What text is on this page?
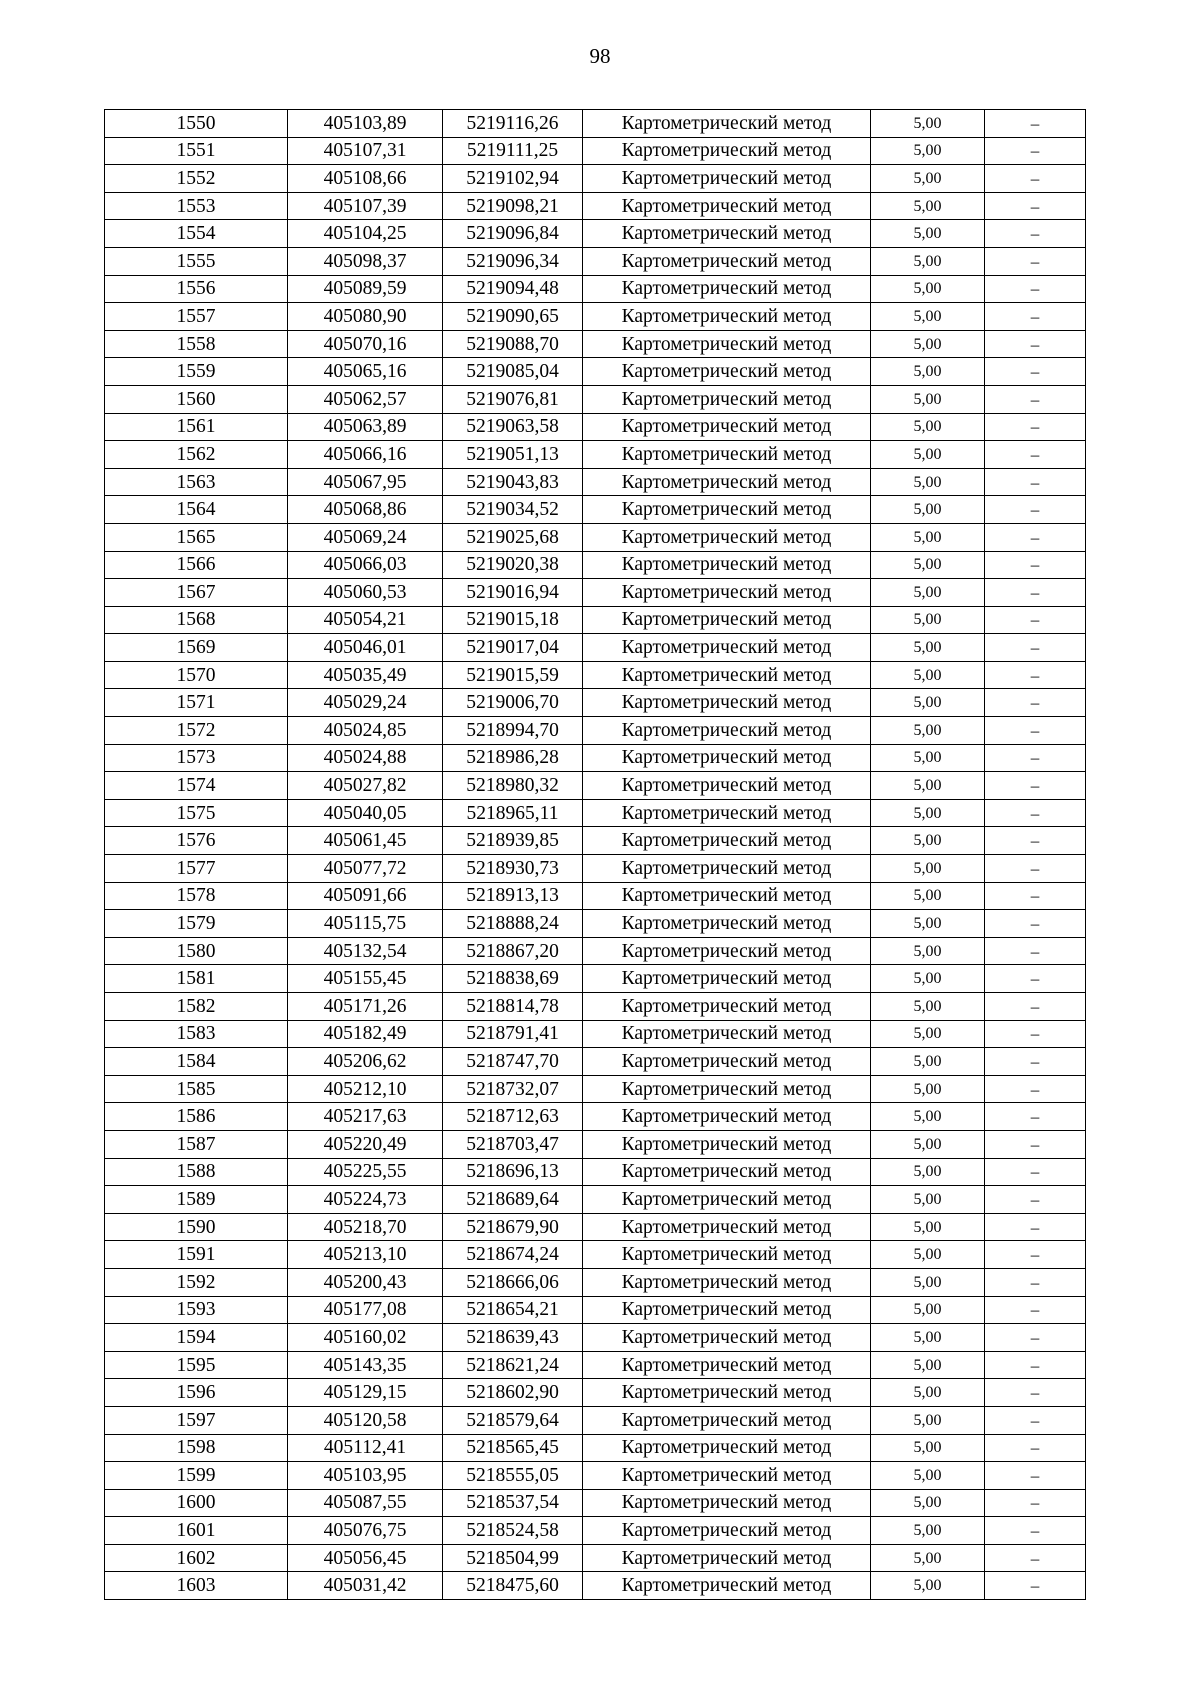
98
1550	405103,89	5219116,26	Картометрический метод	5,00	–
1551	405107,31	5219111,25	Картометрический метод	5,00	–
1552	405108,66	5219102,94	Картометрический метод	5,00	–
1553	405107,39	5219098,21	Картометрический метод	5,00	–
1554	405104,25	5219096,84	Картометрический метод	5,00	–
1555	405098,37	5219096,34	Картометрический метод	5,00	–
1556	405089,59	5219094,48	Картометрический метод	5,00	–
1557	405080,90	5219090,65	Картометрический метод	5,00	–
1558	405070,16	5219088,70	Картометрический метод	5,00	–
1559	405065,16	5219085,04	Картометрический метод	5,00	–
1560	405062,57	5219076,81	Картометрический метод	5,00	–
1561	405063,89	5219063,58	Картометрический метод	5,00	–
1562	405066,16	5219051,13	Картометрический метод	5,00	–
1563	405067,95	5219043,83	Картометрический метод	5,00	–
1564	405068,86	5219034,52	Картометрический метод	5,00	–
1565	405069,24	5219025,68	Картометрический метод	5,00	–
1566	405066,03	5219020,38	Картометрический метод	5,00	–
1567	405060,53	5219016,94	Картометрический метод	5,00	–
1568	405054,21	5219015,18	Картометрический метод	5,00	–
1569	405046,01	5219017,04	Картометрический метод	5,00	–
1570	405035,49	5219015,59	Картометрический метод	5,00	–
1571	405029,24	5219006,70	Картометрический метод	5,00	–
1572	405024,85	5218994,70	Картометрический метод	5,00	–
1573	405024,88	5218986,28	Картометрический метод	5,00	–
1574	405027,82	5218980,32	Картометрический метод	5,00	–
1575	405040,05	5218965,11	Картометрический метод	5,00	–
1576	405061,45	5218939,85	Картометрический метод	5,00	–
1577	405077,72	5218930,73	Картометрический метод	5,00	–
1578	405091,66	5218913,13	Картометрический метод	5,00	–
1579	405115,75	5218888,24	Картометрический метод	5,00	–
1580	405132,54	5218867,20	Картометрический метод	5,00	–
1581	405155,45	5218838,69	Картометрический метод	5,00	–
1582	405171,26	5218814,78	Картометрический метод	5,00	–
1583	405182,49	5218791,41	Картометрический метод	5,00	–
1584	405206,62	5218747,70	Картометрический метод	5,00	–
1585	405212,10	5218732,07	Картометрический метод	5,00	–
1586	405217,63	5218712,63	Картометрический метод	5,00	–
1587	405220,49	5218703,47	Картометрический метод	5,00	–
1588	405225,55	5218696,13	Картометрический метод	5,00	–
1589	405224,73	5218689,64	Картометрический метод	5,00	–
1590	405218,70	5218679,90	Картометрический метод	5,00	–
1591	405213,10	5218674,24	Картометрический метод	5,00	–
1592	405200,43	5218666,06	Картометрический метод	5,00	–
1593	405177,08	5218654,21	Картометрический метод	5,00	–
1594	405160,02	5218639,43	Картометрический метод	5,00	–
1595	405143,35	5218621,24	Картометрический метод	5,00	–
1596	405129,15	5218602,90	Картометрический метод	5,00	–
1597	405120,58	5218579,64	Картометрический метод	5,00	–
1598	405112,41	5218565,45	Картометрический метод	5,00	–
1599	405103,95	5218555,05	Картометрический метод	5,00	–
1600	405087,55	5218537,54	Картометрический метод	5,00	–
1601	405076,75	5218524,58	Картометрический метод	5,00	–
1602	405056,45	5218504,99	Картометрический метод	5,00	–
1603	405031,42	5218475,60	Картометрический метод	5,00	–
